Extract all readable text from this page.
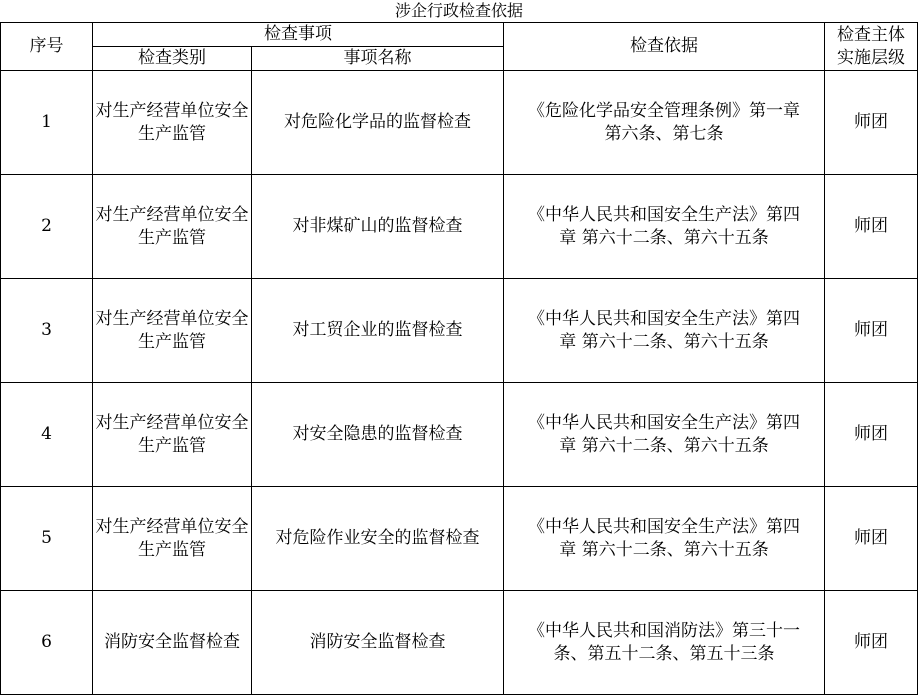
涉企行政检查依据
序号	检查事项		检查依据	检查主体
实施层级

	检查类别	事项名称		
1	对生产经营单位安全生产监管	对危险化学品的监督检查	《危险化学品安全管理条例》第一章
第六条、第七条	师团
2	对生产经营单位安全生产监管	对非煤矿山的监督检查	《中华人民共和国安全生产法》第四
章 第六十二条、第六十五条	师团
3	对生产经营单位安全生产监管	对工贸企业的监督检查	《中华人民共和国安全生产法》第四
章 第六十二条、第六十五条	师团
4	对生产经营单位安全生产监管	对安全隐患的监督检查	《中华人民共和国安全生产法》第四
章 第六十二条、第六十五条	师团
5	对生产经营单位安全生产监管	对危险作业安全的监督检查	《中华人民共和国安全生产法》第四
章 第六十二条、第六十五条	师团
6	消防安全监督检查	消防安全监督检查	《中华人民共和国消防法》第三十一
条、第五十二条、第五十三条	师团
